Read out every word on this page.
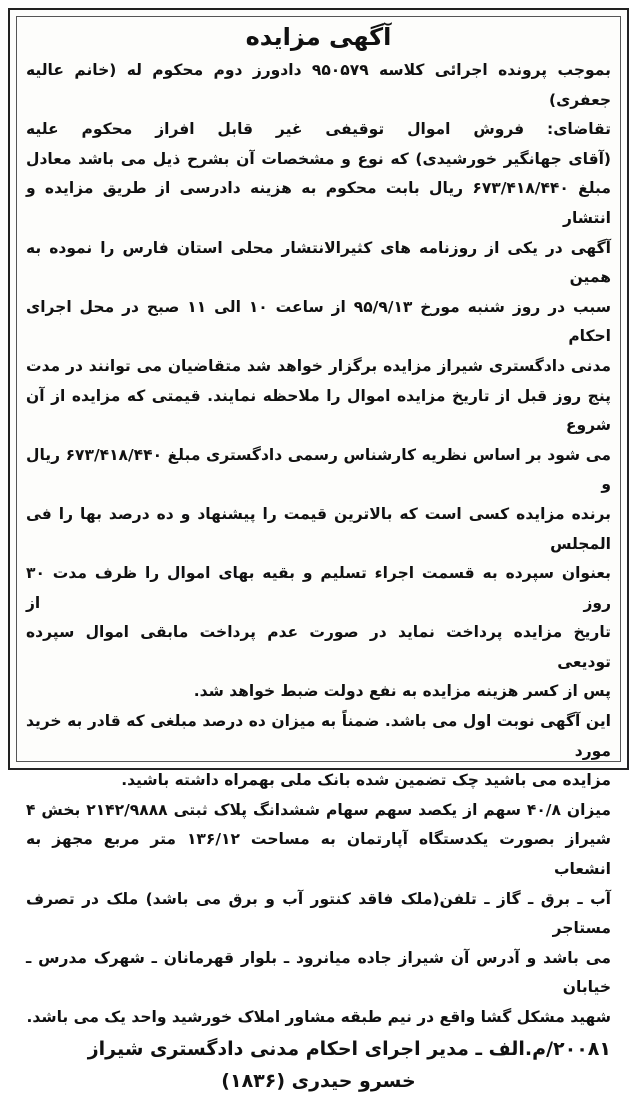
آگهی مزایده
بموجب پرونده اجرائی کلاسه ۹۵۰۵۷۹ دادورز دوم محکوم له (خانم عالیه جعفری)
تقاضای: فروش اموال توقیفی غیر قابل افراز محکوم علیه
(آقای جهانگیر خورشیدی) که نوع و مشخصات آن بشرح ذیل می باشد معادل
مبلغ ۶۷۳/۴۱۸/۴۴۰ ریال بابت محکوم به هزینه دادرسی از طریق مزایده و انتشار
آگهی در یکی از روزنامه های کثیرالانتشار محلی استان فارس را نموده به همین
سبب در روز شنبه مورخ ۹۵/۹/۱۳ از ساعت ۱۰ الی ۱۱ صبح در محل اجرای احکام
مدنی دادگستری شیراز مزایده برگزار خواهد شد متقاضیان می توانند در مدت
پنج روز قبل از تاریخ مزایده اموال را ملاحظه نمایند. قیمتی که مزایده از آن شروع
می شود بر اساس نظریه کارشناس رسمی دادگستری مبلغ ۶۷۳/۴۱۸/۴۴۰ ریال و
برنده مزایده کسی است که بالاترین قیمت را پیشنهاد و ده درصد بها را فی المجلس
بعنوان سپرده به قسمت اجراء تسلیم و بقیه بهای اموال را ظرف مدت ۳۰ روز از
تاریخ مزایده پرداخت نماید در صورت عدم پرداخت مابقی اموال سپرده تودیعی
پس از کسر هزینه مزایده به نفع دولت ضبط خواهد شد.
این آگهی نوبت اول می باشد. ضمناً به میزان ده درصد مبلغی که قادر به خرید مورد
مزایده می باشید چک تضمین شده بانک ملی بهمراه داشته باشید.
میزان ۴۰/۸ سهم از یکصد سهم سهام ششدانگ پلاک ثبتی ۲۱۴۲/۹۸۸۸ بخش ۴
شیراز بصورت یکدستگاه آپارتمان به مساحت ۱۳۶/۱۲ متر مربع مجهز به انشعاب
آب ـ برق ـ گاز ـ تلفن(ملک فاقد کنتور آب و برق می باشد) ملک در تصرف مستاجر
می باشد و آدرس آن شیراز جاده میانرود ـ بلوار قهرمانان ـ شهرک مدرس ـ خیابان
شهید مشکل گشا واقع در نیم طبقه مشاور املاک خورشید واحد یک می باشد.
۲۰۰۸۱/م.الف ـ مدیر اجرای احکام مدنی دادگستری شیراز
خسرو حیدری (۱۸۳۶)
